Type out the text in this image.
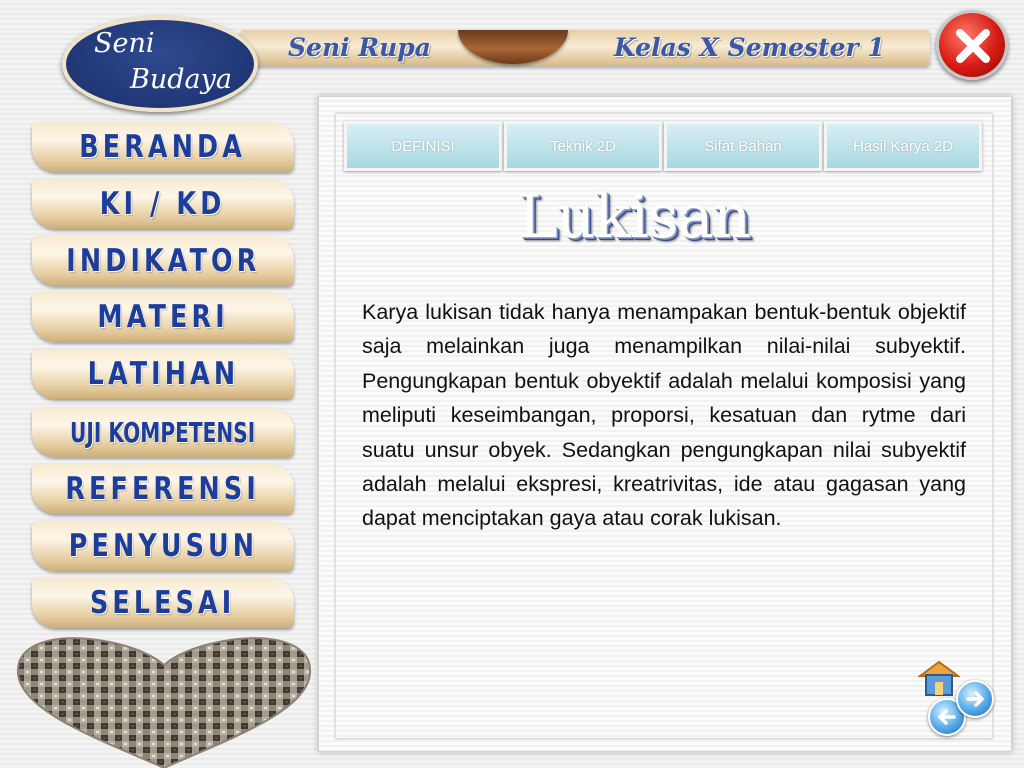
Seni Rupa	Kelas X Semester 1
Seni
Budaya
BERANDA
KI / KD
INDIKATOR
MATERI
LATIHAN
UJI KOMPETENSI
REFERENSI
PENYUSUN
SELESAI
DEFINISI	Teknik 2D	Sifat Bahan	Hasil Karya 2D
Lukisan
Karya lukisan tidak hanya menampakan bentuk-bentuk objektif saja melainkan juga menampilkan nilai-nilai subyektif. Pengungkapan bentuk obyektif adalah melalui komposisi yang meliputi keseimbangan, proporsi, kesatuan dan rytme dari suatu unsur obyek. Sedangkan pengungkapan nilai subyektif adalah melalui ekspresi, kreatrivitas, ide atau gagasan yang dapat menciptakan gaya atau corak lukisan.
